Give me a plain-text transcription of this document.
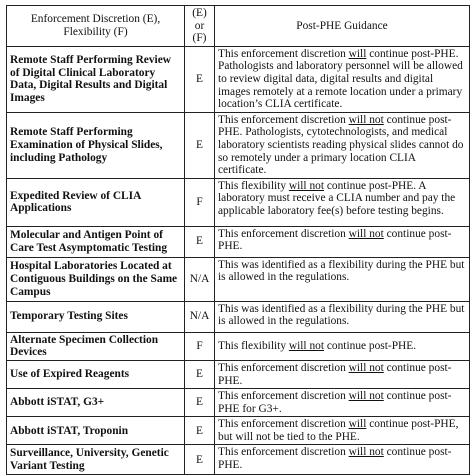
Enforcement Discretion (E), Flexibility (F)	(E) or (F)	Post-PHE Guidance
Remote Staff Performing Review of Digital Clinical Laboratory Data, Digital Results and Digital Images	E	This enforcement discretion will continue post-PHE. Pathologists and laboratory personnel will be allowed to review digital data, digital results and digital images remotely at a remote location under a primary location’s CLIA certificate.
Remote Staff Performing Examination of Physical Slides, including Pathology	E	This enforcement discretion will not continue post-PHE. Pathologists, cytotechnologists, and medical laboratory scientists reading physical slides cannot do so remotely under a primary location CLIA certificate.
Expedited Review of CLIA Applications	F	This flexibility will not continue post-PHE. A laboratory must receive a CLIA number and pay the applicable laboratory fee(s) before testing begins.
Molecular and Antigen Point of Care Test Asymptomatic Testing	E	This enforcement discretion will not continue post-PHE.
Hospital Laboratories Located at Contiguous Buildings on the Same Campus	N/A	This was identified as a flexibility during the PHE but is allowed in the regulations.
Temporary Testing Sites	N/A	This was identified as a flexibility during the PHE but is allowed in the regulations.
Alternate Specimen Collection Devices	F	This flexibility will not continue post-PHE.
Use of Expired Reagents	E	This enforcement discretion will not continue post-PHE.
Abbott iSTAT, G3+	E	This enforcement discretion will not continue post-PHE for G3+.
Abbott iSTAT, Troponin	E	This enforcement discretion will continue post-PHE, but will not be tied to the PHE.
Surveillance, University, Genetic Variant Testing	E	This enforcement discretion will not continue post-PHE.
